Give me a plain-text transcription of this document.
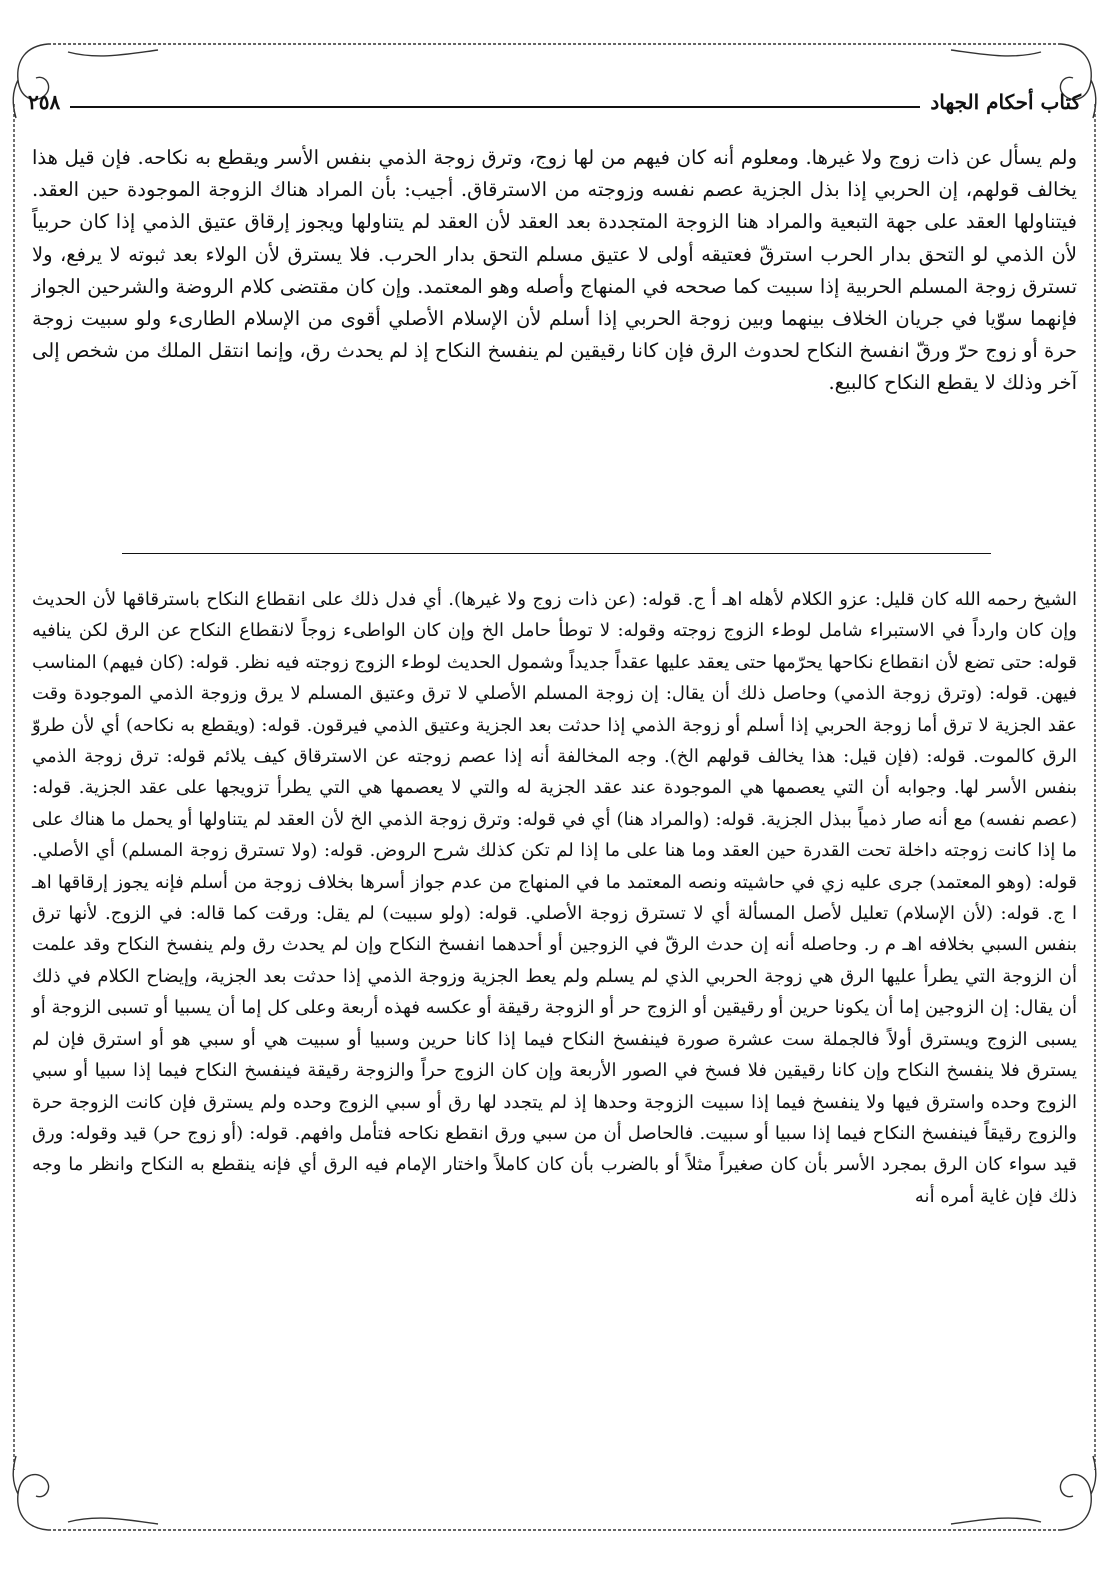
كتاب أحكام الجهاد
٢٥٨

ولم يسأل عن ذات زوج ولا غيرها. ومعلوم أنه كان فيهم من لها زوج، وترق زوجة الذمي بنفس الأسر ويقطع به نكاحه. فإن قيل هذا يخالف قولهم، إن الحربي إذا بذل الجزية عصم نفسه وزوجته من الاسترقاق. أجيب: بأن المراد هناك الزوجة الموجودة حين العقد. فيتناولها العقد على جهة التبعية والمراد هنا الزوجة المتجددة بعد العقد لأن العقد لم يتناولها ويجوز إرقاق عتيق الذمي إذا كان حربياً لأن الذمي لو التحق بدار الحرب استرقّ فعتيقه أولى لا عتيق مسلم التحق بدار الحرب. فلا يسترق لأن الولاء بعد ثبوته لا يرفع، ولا تسترق زوجة المسلم الحربية إذا سبيت كما صححه في المنهاج وأصله وهو المعتمد. وإن كان مقتضى كلام الروضة والشرحين الجواز فإنهما سوّيا في جريان الخلاف بينهما وبين زوجة الحربي إذا أسلم لأن الإسلام الأصلي أقوى من الإسلام الطارىء ولو سبيت زوجة حرة أو زوج حرّ ورقّ انفسخ النكاح لحدوث الرق فإن كانا رقيقين لم ينفسخ النكاح إذ لم يحدث رق، وإنما انتقل الملك من شخص إلى آخر وذلك لا يقطع النكاح كالبيع.

الشيخ رحمه الله كان قليل: عزو الكلام لأهله اهـ أ ج. قوله: (عن ذات زوج ولا غيرها). أي فدل ذلك على انقطاع النكاح باسترقاقها لأن الحديث وإن كان وارداً في الاستبراء شامل لوطء الزوج زوجته وقوله: لا توطأ حامل الخ وإن كان الواطىء زوجاً لانقطاع النكاح عن الرق لكن ينافيه قوله: حتى تضع لأن انقطاع نكاحها يحرّمها حتى يعقد عليها عقداً جديداً وشمول الحديث لوطء الزوج زوجته فيه نظر. قوله: (كان فيهم) المناسب فيهن. قوله: (وترق زوجة الذمي) وحاصل ذلك أن يقال: إن زوجة المسلم الأصلي لا ترق وعتيق المسلم لا يرق وزوجة الذمي الموجودة وقت عقد الجزية لا ترق أما زوجة الحربي إذا أسلم أو زوجة الذمي إذا حدثت بعد الجزية وعتيق الذمي فيرقون. قوله: (ويقطع به نكاحه) أي لأن طروّ الرق كالموت. قوله: (فإن قيل: هذا يخالف قولهم الخ). وجه المخالفة أنه إذا عصم زوجته عن الاسترقاق كيف يلائم قوله: ترق زوجة الذمي بنفس الأسر لها. وجوابه أن التي يعصمها هي الموجودة عند عقد الجزية له والتي لا يعصمها هي التي يطرأ تزويجها على عقد الجزية. قوله: (عصم نفسه) مع أنه صار ذمياً ببذل الجزية. قوله: (والمراد هنا) أي في قوله: وترق زوجة الذمي الخ لأن العقد لم يتناولها أو يحمل ما هناك على ما إذا كانت زوجته داخلة تحت القدرة حين العقد وما هنا على ما إذا لم تكن كذلك شرح الروض. قوله: (ولا تسترق زوجة المسلم) أي الأصلي. قوله: (وهو المعتمد) جرى عليه زي في حاشيته ونصه المعتمد ما في المنهاج من عدم جواز أسرها بخلاف زوجة من أسلم فإنه يجوز إرقاقها اهـ ا ج. قوله: (لأن الإسلام) تعليل لأصل المسألة أي لا تسترق زوجة الأصلي. قوله: (ولو سبيت) لم يقل: ورقت كما قاله: في الزوج. لأنها ترق بنفس السبي بخلافه اهـ م ر. وحاصله أنه إن حدث الرقّ في الزوجين أو أحدهما انفسخ النكاح وإن لم يحدث رق ولم ينفسخ النكاح وقد علمت أن الزوجة التي يطرأ عليها الرق هي زوجة الحربي الذي لم يسلم ولم يعط الجزية وزوجة الذمي إذا حدثت بعد الجزية، وإيضاح الكلام في ذلك أن يقال: إن الزوجين إما أن يكونا حرين أو رقيقين أو الزوج حر أو الزوجة رقيقة أو عكسه فهذه أربعة وعلى كل إما أن يسبيا أو تسبى الزوجة أو يسبى الزوج ويسترق أولاً فالجملة ست عشرة صورة فينفسخ النكاح فيما إذا كانا حرين وسبيا أو سبيت هي أو سبي هو أو استرق فإن لم يسترق فلا ينفسخ النكاح وإن كانا رقيقين فلا فسخ في الصور الأربعة وإن كان الزوج حراً والزوجة رقيقة فينفسخ النكاح فيما إذا سبيا أو سبي الزوج وحده واسترق فيها ولا ينفسخ فيما إذا سبيت الزوجة وحدها إذ لم يتجدد لها رق أو سبي الزوج وحده ولم يسترق فإن كانت الزوجة حرة والزوج رقيقاً فينفسخ النكاح فيما إذا سبيا أو سبيت. فالحاصل أن من سبي ورق انقطع نكاحه فتأمل وافهم. قوله: (أو زوج حر) قيد وقوله: ورق قيد سواء كان الرق بمجرد الأسر بأن كان صغيراً مثلاً أو بالضرب بأن كان كاملاً واختار الإمام فيه الرق أي فإنه ينقطع به النكاح وانظر ما وجه ذلك فإن غاية أمره أنه
